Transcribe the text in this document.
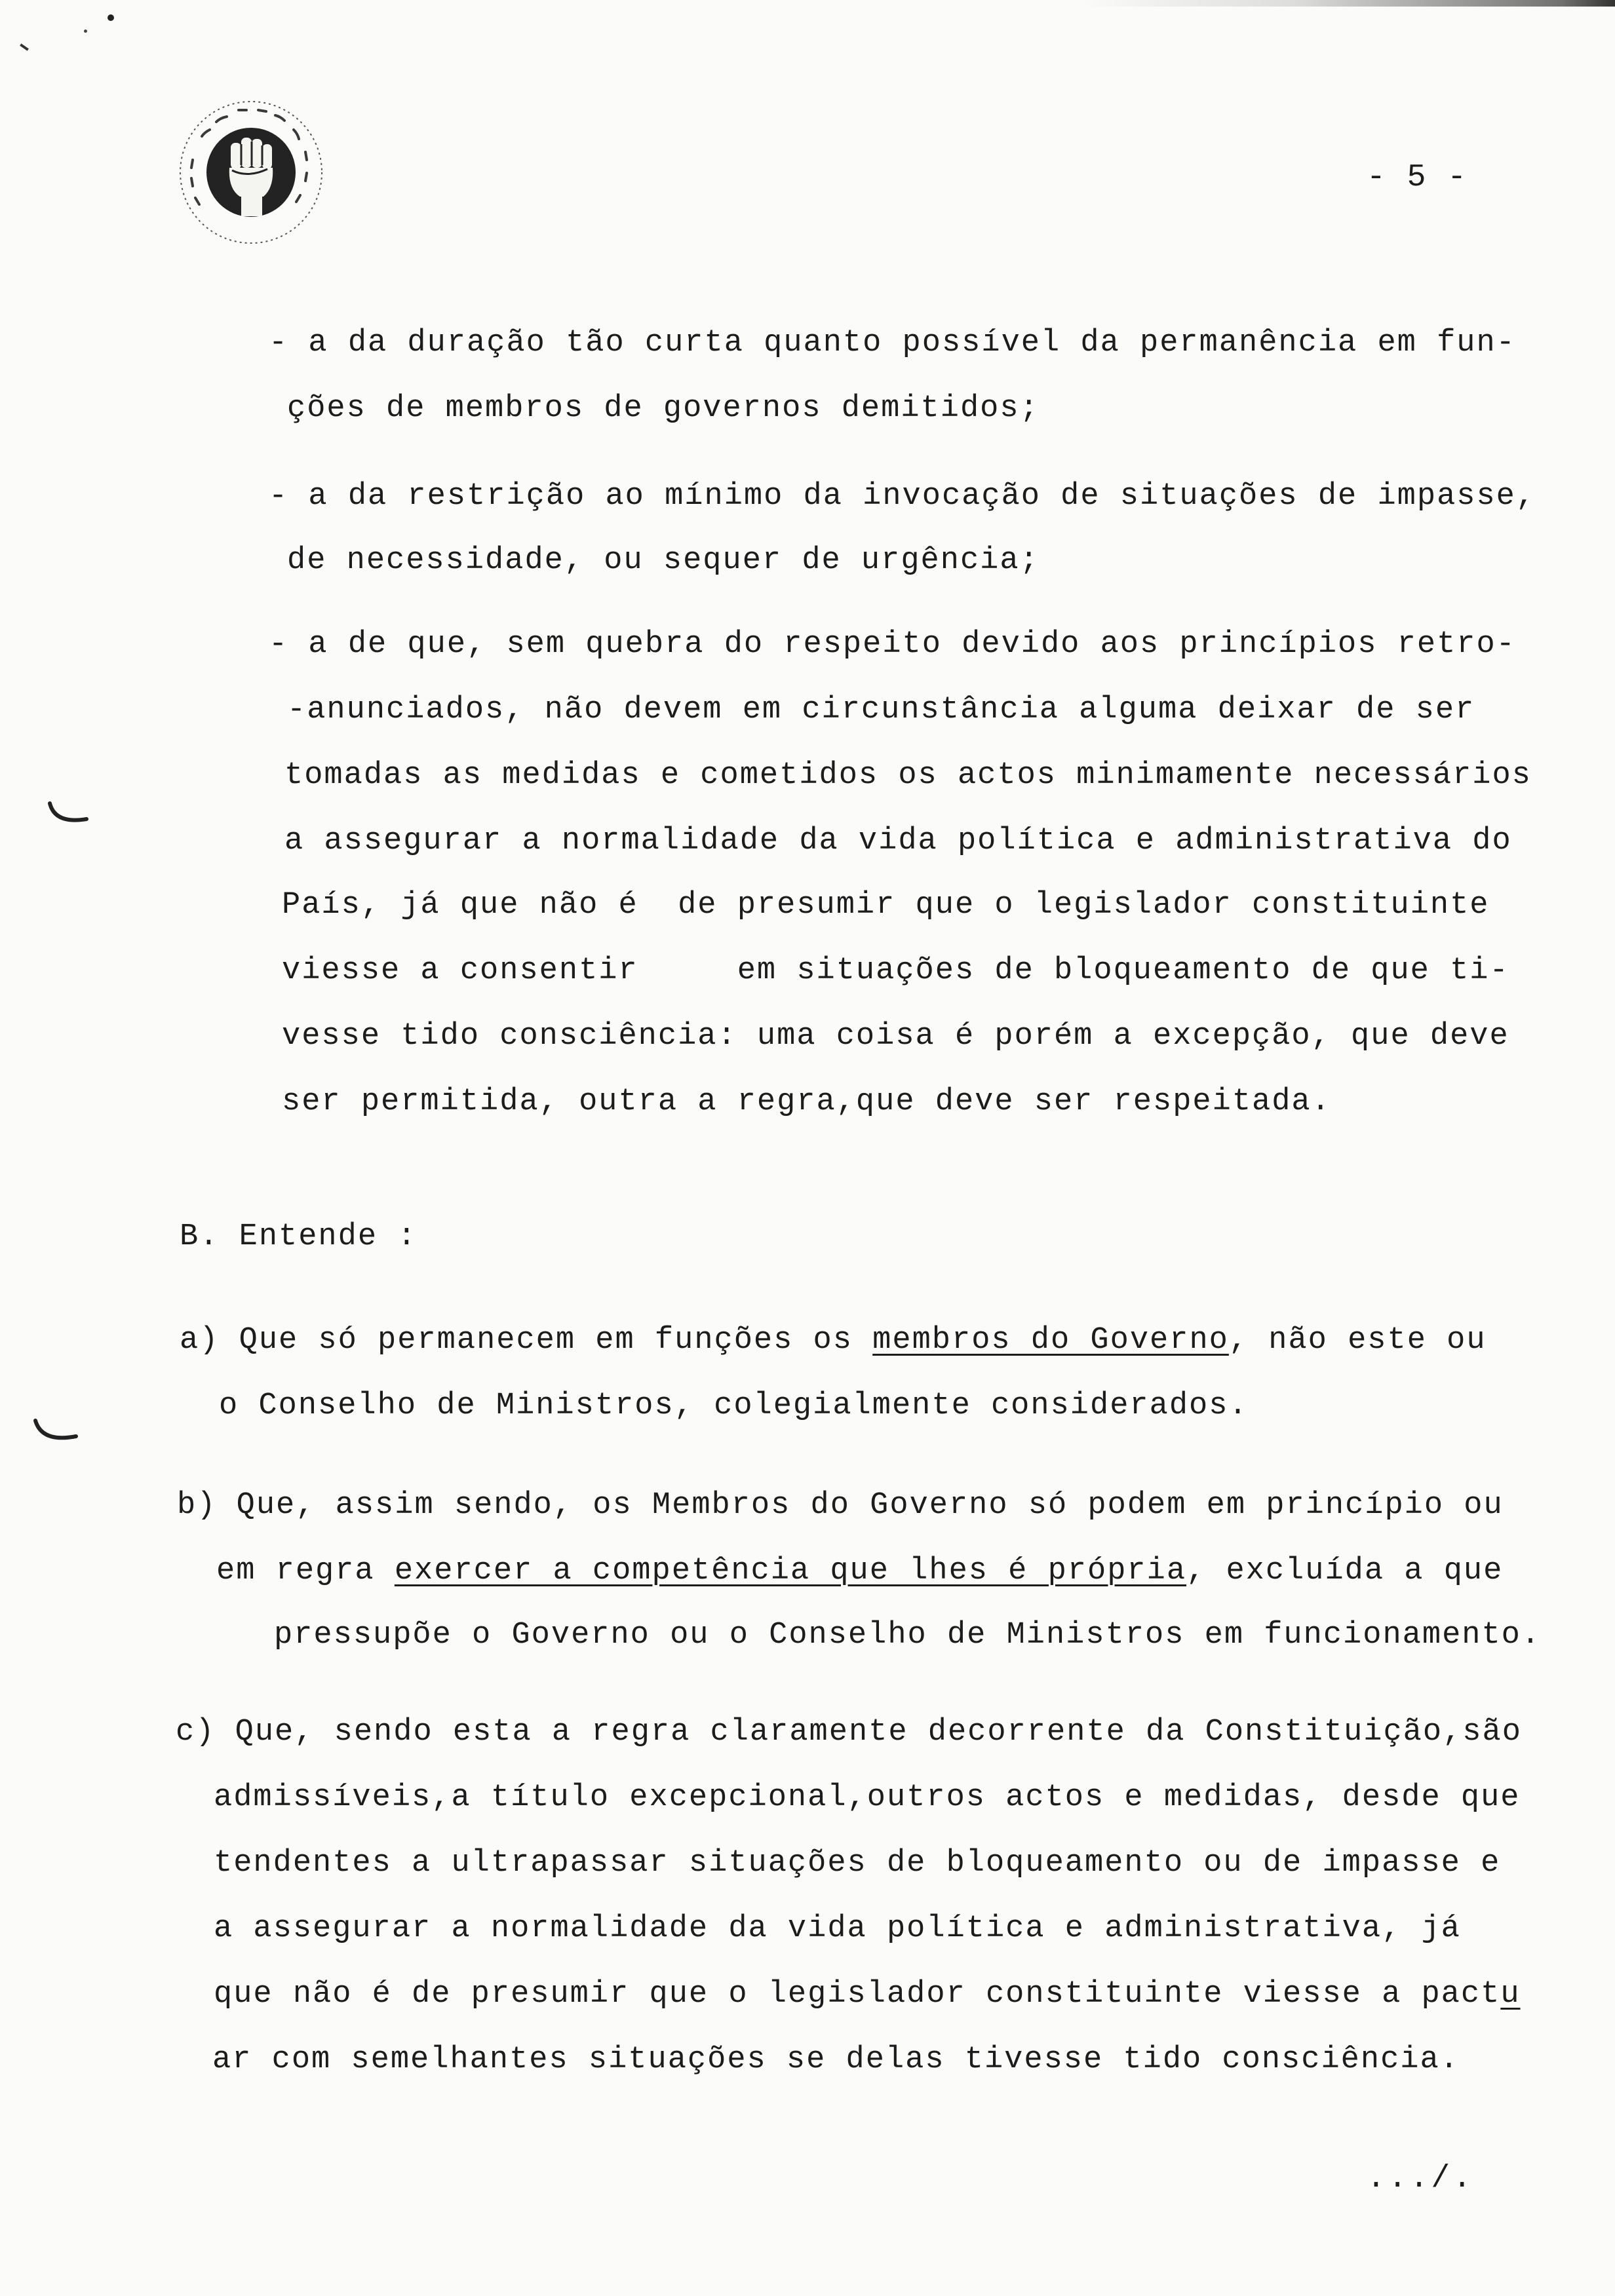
- 5 -
- a da duração tão curta quanto possível da permanência em fun-
ções de membros de governos demitidos;
- a da restrição ao mínimo da invocação de situações de impasse,
de necessidade, ou sequer de urgência;
- a de que, sem quebra do respeito devido aos princípios retro-
-anunciados, não devem em circunstância alguma deixar de ser
tomadas as medidas e cometidos os actos minimamente necessários
a assegurar a normalidade da vida política e administrativa do
País, já que não é  de presumir que o legislador constituinte
viesse a consentir     em situações de bloqueamento de que ti-
vesse tido consciência: uma coisa é porém a excepção, que deve
ser permitida, outra a regra,que deve ser respeitada.
B. Entende :
a) Que só permanecem em funções os membros do Governo, não este ou
o Conselho de Ministros, colegialmente considerados.
b) Que, assim sendo, os Membros do Governo só podem em princípio ou
em regra exercer a competência que lhes é própria, excluída a que
pressupõe o Governo ou o Conselho de Ministros em funcionamento.
c) Que, sendo esta a regra claramente decorrente da Constituição,são
admissíveis,a título excepcional,outros actos e medidas, desde que
tendentes a ultrapassar situações de bloqueamento ou de impasse e
a assegurar a normalidade da vida política e administrativa, já
que não é de presumir que o legislador constituinte viesse a pactu
ar com semelhantes situações se delas tivesse tido consciência.
.../.
